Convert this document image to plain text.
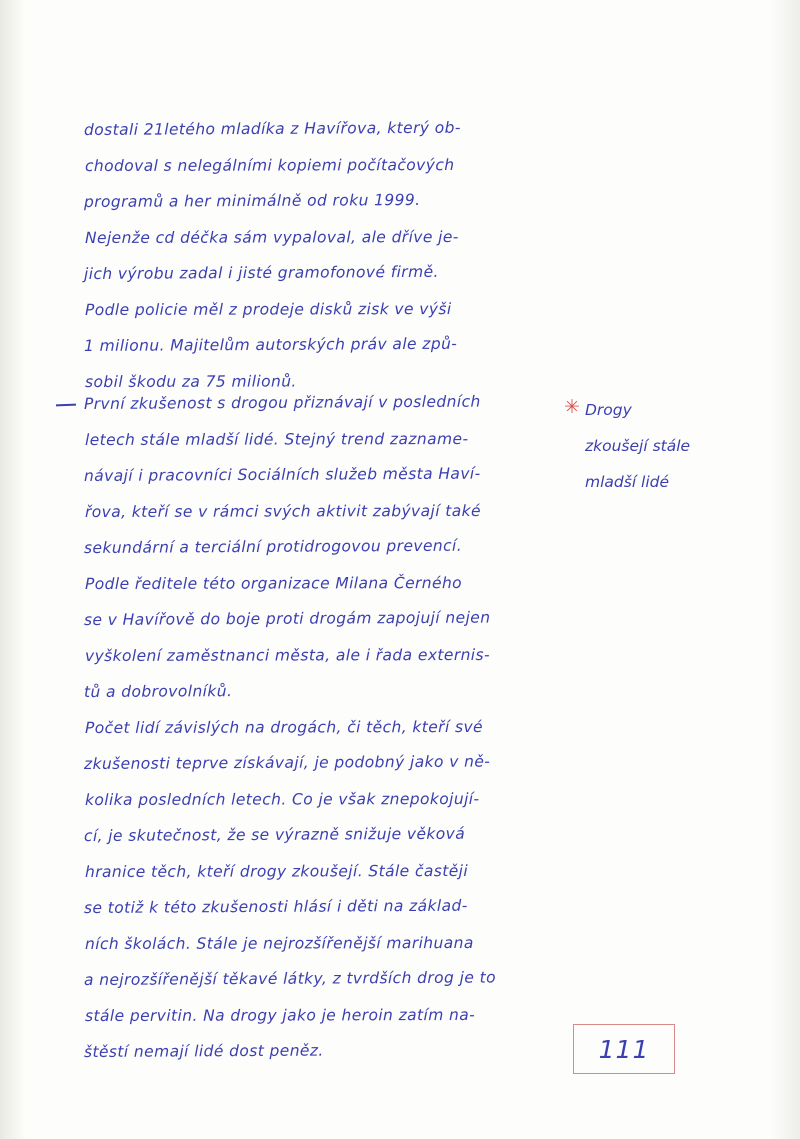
dostali 21letého mladíka z Havířova, který ob-
chodoval s nelegálními kopiemi počítačových
programů a her minimálně od roku 1999.
Nejenže cd déčka sám vypaloval, ale dříve je-
jich výrobu zadal i jisté gramofonové firmě.
Podle policie měl z prodeje disků zisk ve výši
1 milionu. Majitelům autorských práv ale způ-
sobil škodu za 75 milionů.
První zkušenost s drogou přiznávají v posledních
letech stále mladší lidé. Stejný trend zazname-
návají i pracovníci Sociálních služeb města Haví-
řova, kteří se v rámci svých aktivit zabývají také
sekundární a terciální protidrogovou prevencí.
Podle ředitele této organizace Milana Černého
se v Havířově do boje proti drogám zapojují nejen
vyškolení zaměstnanci města, ale i řada externis-
tů a dobrovolníků.
Počet lidí závislých na drogách, či těch, kteří své
zkušenosti teprve získávají, je podobný jako v ně-
kolika posledních letech. Co je však znepokojují-
cí, je skutečnost, že se výrazně snižuje věková
hranice těch, kteří drogy zkoušejí. Stále častěji
se totiž k této zkušenosti hlásí i děti na základ-
ních školách. Stále je nejrozšířenější marihuana
a nejrozšířenější těkavé látky, z tvrdších drog je to
stále pervitin. Na drogy jako je heroin zatím na-
štěstí nemají lidé dost peněz.
✳ Drogy
zkoušejí stále
mladší lidé
111
